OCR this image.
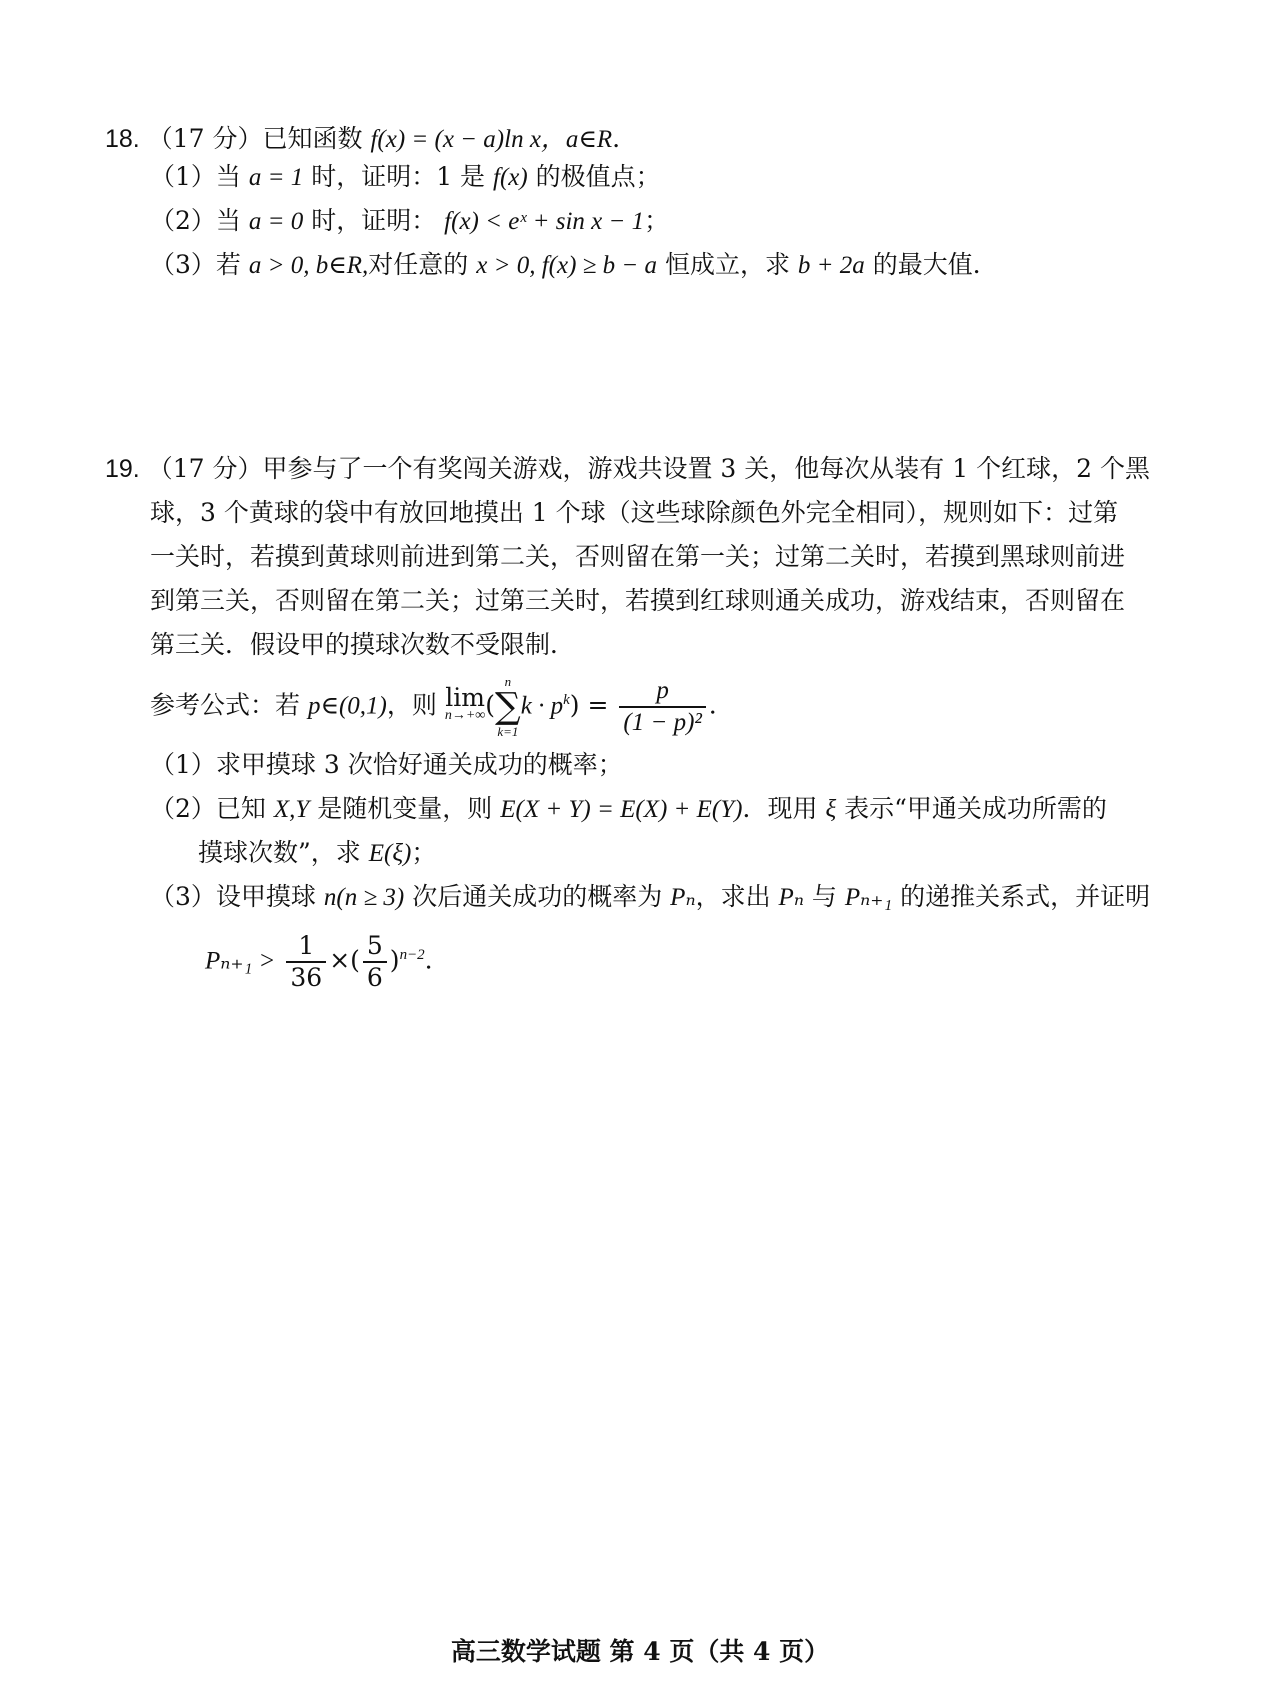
18. （17 分）已知函数 f(x) = (x − a)ln x，a∈R．
（1）当 a = 1 时，证明：1 是 f(x) 的极值点；
（2）当 a = 0 时，证明： f(x) < eˣ + sin x − 1；
（3）若 a > 0, b∈R,对任意的 x > 0, f(x) ≥ b − a 恒成立，求 b + 2a 的最大值．
19. （17 分）甲参与了一个有奖闯关游戏，游戏共设置 3 关，他每次从装有 1 个红球，2 个黑
球，3 个黄球的袋中有放回地摸出 1 个球（这些球除颜色外完全相同），规则如下：过第
一关时，若摸到黄球则前进到第二关，否则留在第一关；过第二关时，若摸到黑球则前进
到第三关，否则留在第二关；过第三关时，若摸到红球则通关成功，游戏结束，否则留在
第三关．假设甲的摸球次数不受限制．
参考公式：若 p∈(0,1)，则 lim
n→+∞ (
n
∑
k=1
$k \cdot p^k) = \frac{p}{\text{(1 − p)²}}$ ．
（1）求甲摸球 3 次恰好通关成功的概率；
（2）已知 X,Y 是随机变量，则 E(X + Y) = E(X) + E(Y)．现用 ξ 表示“甲通关成功所需的
摸球次数”，求 E(ξ)；
（3）设甲摸球 n(n ≥ 3) 次后通关成功的概率为 Pₙ，求出 Pₙ 与 Pₙ₊₁ 的递推关系式，并证明
$P_{n+1} > \frac{1}{36}$ ×( $\frac{5}{6} )^{n-2}$．
高三数学试题 第 4 页（共 4 页）
